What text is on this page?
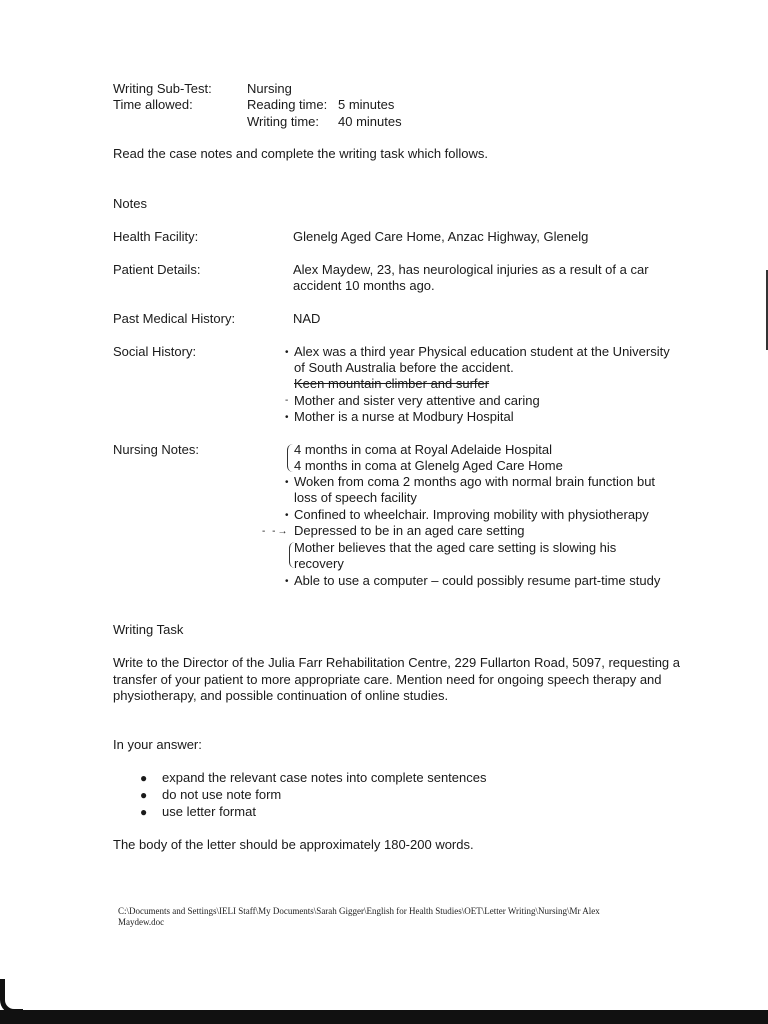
Writing Sub-Test:	Nursing
Time allowed:	Reading time: 5 minutes
Writing time: 40 minutes
Read the case notes and complete the writing task which follows.
Notes
Health Facility:	Glenelg Aged Care Home, Anzac Highway, Glenelg
Patient Details:	Alex Maydew, 23, has neurological injuries as a result of a car
accident 10 months ago.
Past Medical History:	NAD
Social History:	• Alex was a third year Physical education student at the University
of South Australia before the accident.
Keen mountain climber and surfer
- Mother and sister very attentive and caring
• Mother is a nurse at Modbury Hospital
Nursing Notes:	4 months in coma at Royal Adelaide Hospital
4 months in coma at Glenelg Aged Care Home
• Woken from coma 2 months ago with normal brain function but
loss of speech facility
• Confined to wheelchair. Improving mobility with physiotherapy
- -→ Depressed to be in an aged care setting
Mother believes that the aged care setting is slowing his
recovery
• Able to use a computer – could possibly resume part-time study
Writing Task
Write to the Director of the Julia Farr Rehabilitation Centre, 229 Fullarton Road, 5097, requesting a
transfer of your patient to more appropriate care. Mention need for ongoing speech therapy and
physiotherapy, and possible continuation of online studies.
In your answer:
● expand the relevant case notes into complete sentences
● do not use note form
● use letter format
The body of the letter should be approximately 180-200 words.
C:\Documents and Settings\IELI Staff\My Documents\Sarah Gigger\English for Health Studies\OET\Letter Writing\Nursing\Mr Alex
Maydew.doc
